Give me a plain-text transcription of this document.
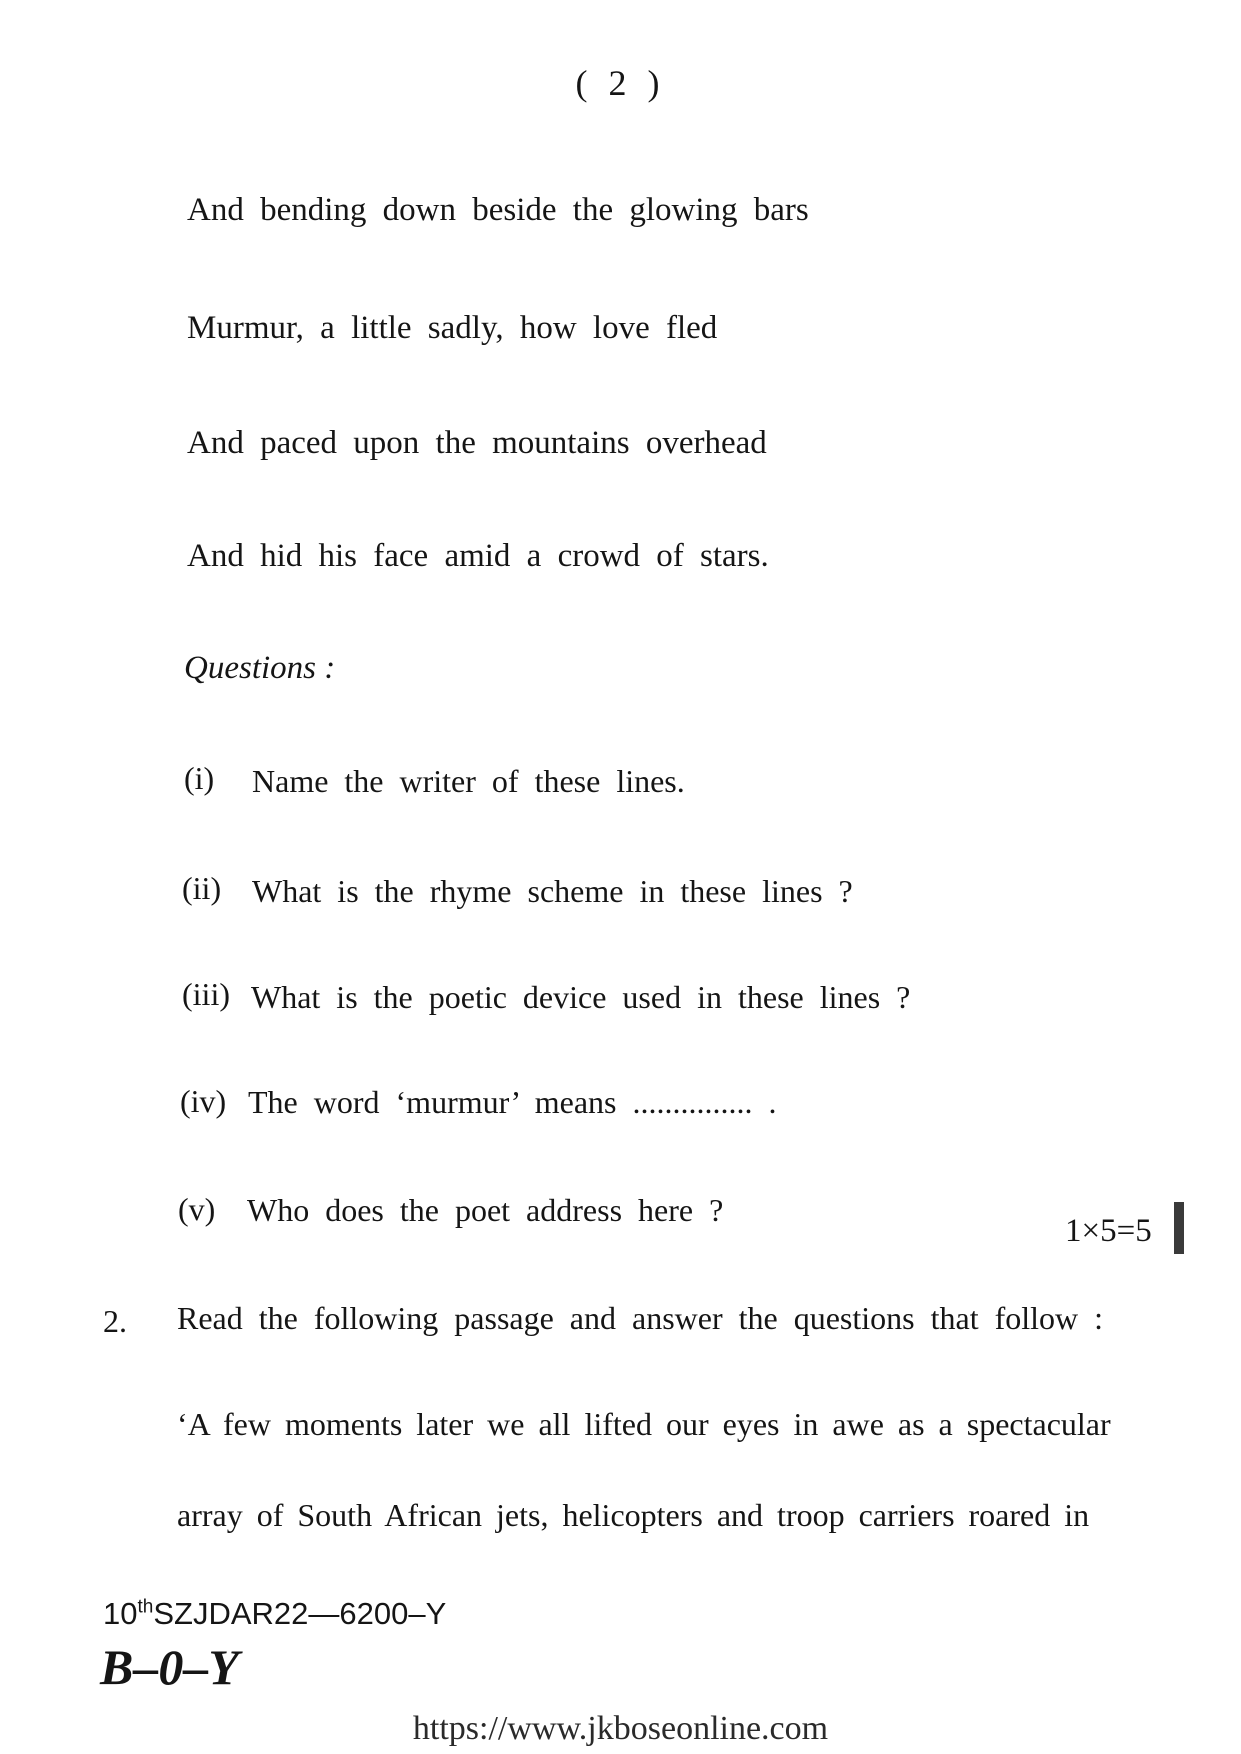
( 2 )
And bending down beside the glowing bars
Murmur, a little sadly, how love fled
And paced upon the mountains overhead
And hid his face amid a crowd of stars.
Questions :
(i) Name the writer of these lines.
(ii) What is the rhyme scheme in these lines ?
(iii) What is the poetic device used in these lines ?
(iv) The word ‘murmur’ means ............... .
(v) Who does the poet address here ?
1×5=5
2. Read the following passage and answer the questions that follow :
‘A few moments later we all lifted our eyes in awe as a spectacular
array of South African jets, helicopters and troop carriers roared in
10thSZJDAR22—6200–Y
B–0–Y
https://www.jkboseonline.com
